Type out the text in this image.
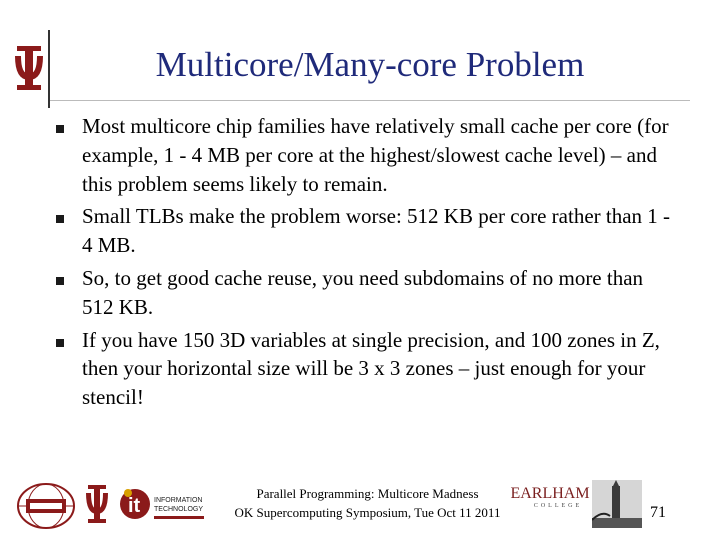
Multicore/Many-core Problem
Most multicore chip families have relatively small cache per core (for example, 1 - 4 MB per core at the highest/slowest cache level) – and this problem seems likely to remain.
Small TLBs make the problem worse: 512 KB per core rather than 1 - 4 MB.
So, to get good cache reuse, you need subdomains of no more than 512 KB.
If you have 150 3D variables at single precision, and 100 zones in Z, then your horizontal size will be 3 x 3 zones – just enough for your stencil!
it INFORMATION
TECHNOLOGY
Parallel Programming: Multicore Madness
OK Supercomputing Symposium, Tue Oct 11 2011
EARLHAM
COLLEGE	71
